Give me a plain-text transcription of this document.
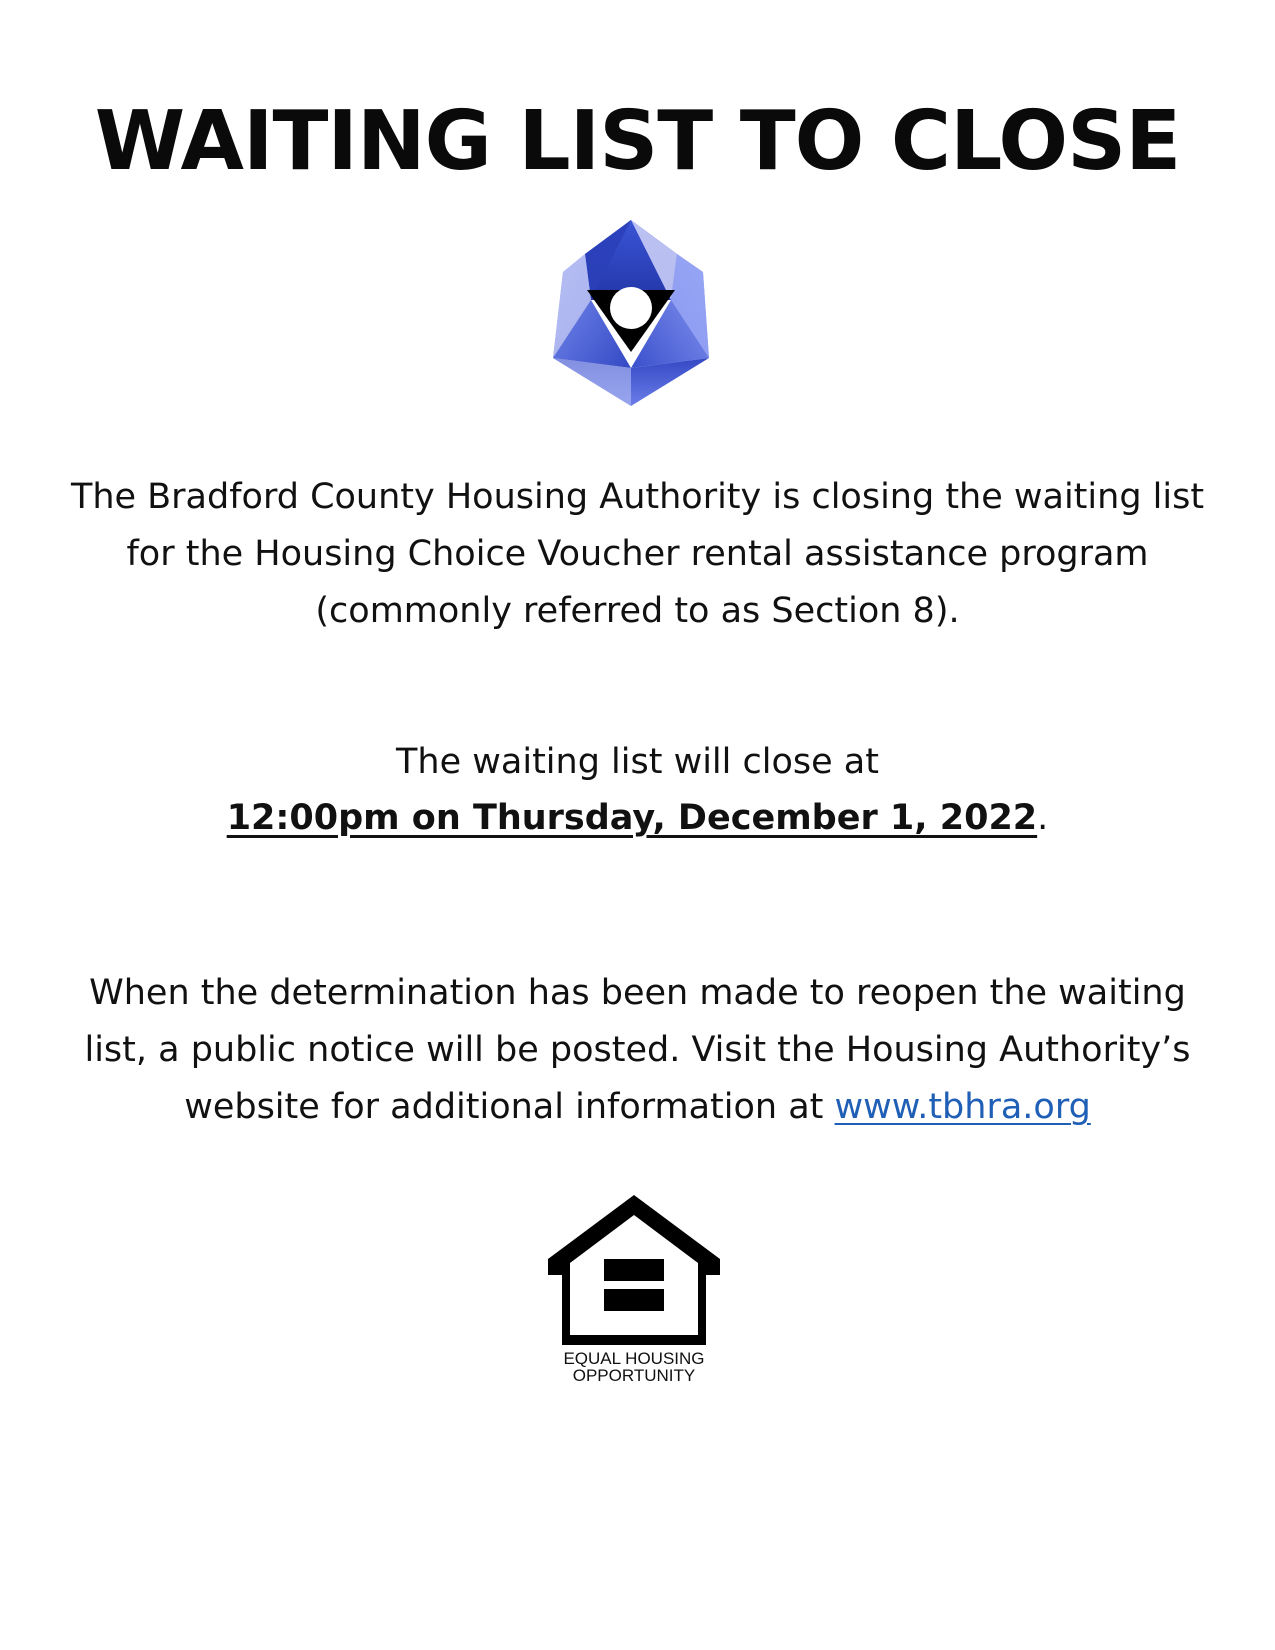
WAITING LIST TO CLOSE

The Bradford County Housing Authority is closing the waiting list for the Housing Choice Voucher rental assistance program (commonly referred to as Section 8).

The waiting list will close at

12:00pm on Thursday, December 1, 2022.

When the determination has been made to reopen the waiting list, a public notice will be posted. Visit the Housing Authority’s website for additional information at www.tbhra.org

EQUAL HOUSING
OPPORTUNITY
